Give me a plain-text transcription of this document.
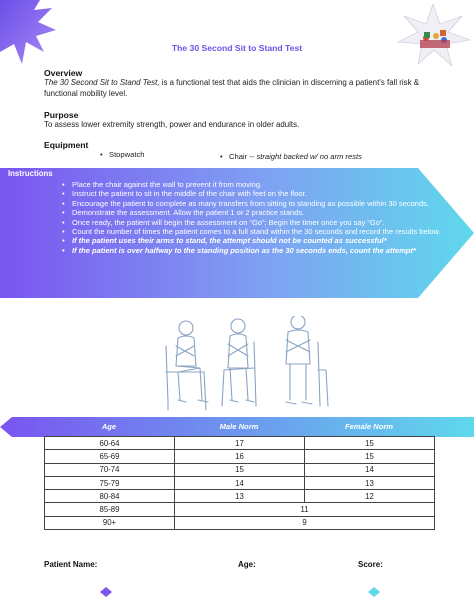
The 30 Second Sit to Stand Test
Overview
The 30 Second Sit to Stand Test, is a functional test that aids the clinician in discerning a patient’s fall risk & functional mobility level.
Purpose
To assess lower extremity strength, power and endurance in older adults.
Equipment
•   Stopwatch	•   Chair -- straight backed w/ no arm rests
Instructions
• Place the chair against the wall to prevent it from moving.
• Instruct the patient to sit in the middle of the chair with feet on the floor.
• Encourage the patient to complete as many transfers from sitting to standing as possible within 30 seconds.
• Demonstrate the assessment. Allow the patient 1 or 2 practice stands.
• Once ready, the patient will begin the assessment on “Go”; Begin the timer once you say “Go”.
• Count the number of times the patient comes to a full stand within the 30 seconds and record the results below.
• If the patient uses their arms to stand, the attempt should not be counted as successful*
• If the patient is over halfway to the standing position as the 30 seconds ends, count the attempt*
Age	Male Norm	Female Norm
60-64	17	15
65-69	16	15
70-74	15	14
75-79	14	13
80-84	13	12
85-89	11	
90+	9	
Patient Name:	Age:	Score:
